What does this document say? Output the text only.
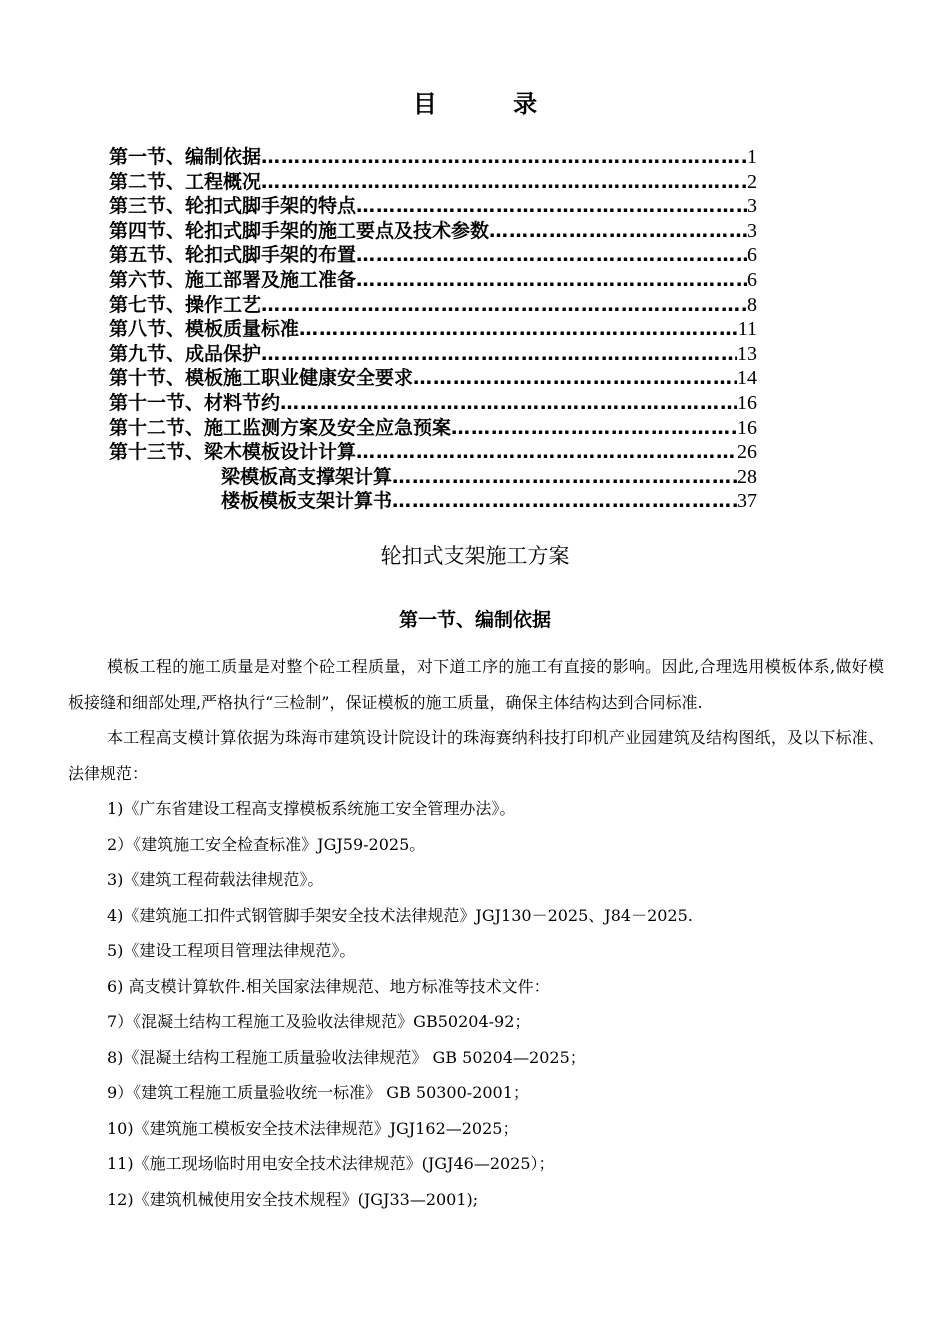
目 录
第一节、编制依据 ……………………………………………………………………………………………………………………	1
第二节、工程概况 ……………………………………………………………………………………………………………………	2
第三节、轮扣式脚手架的特点 ……………………………………………………………………………………………………………………	3
第四节、轮扣式脚手架的施工要点及技术参数 ……………………………………………………………………………………………………………………	3
第五节、轮扣式脚手架的布置 ……………………………………………………………………………………………………………………	6
第六节、施工部署及施工准备 ……………………………………………………………………………………………………………………	6
第七节、操作工艺 ……………………………………………………………………………………………………………………	8
第八节、模板质量标准 ……………………………………………………………………………………………………………………	11
第九节、成品保护 ……………………………………………………………………………………………………………………	13
第十节、模板施工职业健康安全要求 ……………………………………………………………………………………………………………………	14
第十一节、材料节约 ……………………………………………………………………………………………………………………	16
第十二节、施工监测方案及安全应急预案 ……………………………………………………………………………………………………………………	16
第十三节、梁木模板设计计算 ……………………………………………………………………………………………………………………	26
梁模板高支撑架计算 ……………………………………………………………………………………………………………………	28
楼板模板支架计算书 ……………………………………………………………………………………………………………………	37
轮扣式支架施工方案
第一节、编制依据

模板工程的施工质量是对整个砼工程质量，对下道工序的施工有直接的影响。因此,合理选用模板体系,做好模板接缝和细部处理,严格执行“三检制”，保证模板的施工质量，确保主体结构达到合同标准.

本工程高支模计算依据为珠海市建筑设计院设计的珠海赛纳科技打印机产业园建筑及结构图纸，及以下标准、法律规范：

1)《广东省建设工程高支撑模板系统施工安全管理办法》。

2）《建筑施工安全检查标准》JGJ59-2025。

3)《建筑工程荷载法律规范》。

4)《建筑施工扣件式钢管脚手架安全技术法律规范》JGJ130－2025、J84－2025.

5)《建设工程项目管理法律规范》。

6) 高支模计算软件.相关国家法律规范、地方标准等技术文件：

7）《混凝土结构工程施工及验收法律规范》GB50204-92；

8)《混凝土结构工程施工质量验收法律规范》 GB 50204—2025；

9）《建筑工程施工质量验收统一标准》 GB 50300-2001；

10)《建筑施工模板安全技术法律规范》JGJ162—2025；

11)《施工现场临时用电安全技术法律规范》(JGJ46—2025）；

12)《建筑机械使用安全技术规程》(JGJ33—2001);
